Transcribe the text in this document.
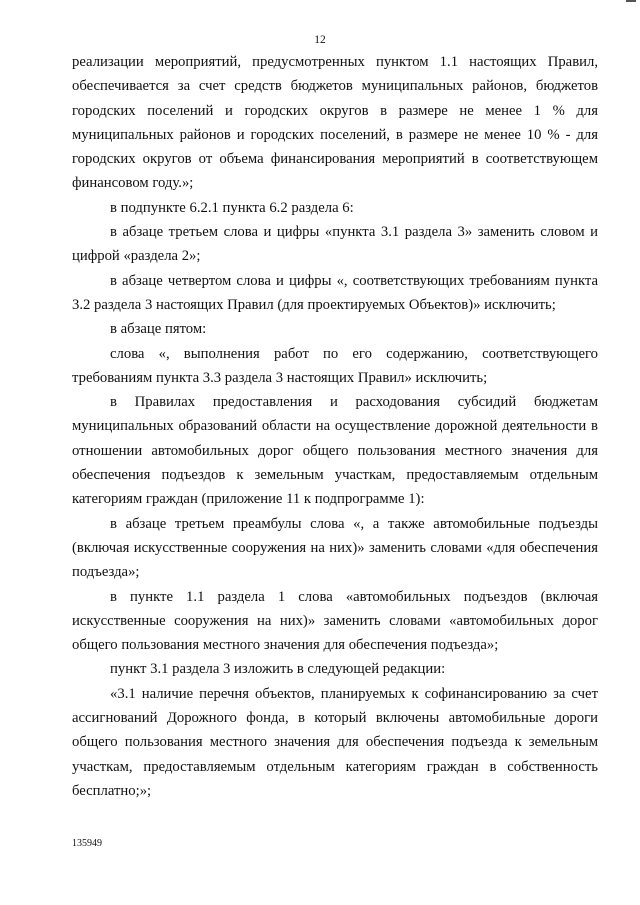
12

реализации мероприятий, предусмотренных пунктом 1.1 настоящих Правил, обеспечивается за счет средств бюджетов муниципальных районов, бюджетов городских поселений и городских округов в размере не менее 1 % для муниципальных районов и городских поселений, в размере не менее 10 % - для городских округов от объема финансирования мероприятий в соответствующем финансовом году.»;

в подпункте 6.2.1 пункта 6.2 раздела 6:

в абзаце третьем слова и цифры «пункта 3.1 раздела 3» заменить словом и цифрой «раздела 2»;

в абзаце четвертом слова и цифры «, соответствующих требованиям пункта 3.2 раздела 3 настоящих Правил (для проектируемых Объектов)» исключить;

в абзаце пятом:

слова «, выполнения работ по его содержанию, соответствующего требованиям пункта 3.3 раздела 3 настоящих Правил» исключить;

в Правилах предоставления и расходования субсидий бюджетам муниципальных образований области на осуществление дорожной деятельности в отношении автомобильных дорог общего пользования местного значения для обеспечения подъездов к земельным участкам, предоставляемым отдельным категориям граждан (приложение 11 к подпрограмме 1):

в абзаце третьем преамбулы слова «, а также автомобильные подъезды (включая искусственные сооружения на них)» заменить словами «для обеспечения подъезда»;

в пункте 1.1 раздела 1 слова «автомобильных подъездов (включая искусственные сооружения на них)» заменить словами «автомобильных дорог общего пользования местного значения для обеспечения подъезда»;

пункт 3.1 раздела 3 изложить в следующей редакции:

«3.1 наличие перечня объектов, планируемых к софинансированию за счет ассигнований Дорожного фонда, в который включены автомобильные дороги общего пользования местного значения для обеспечения подъезда к земельным участкам, предоставляемым отдельным категориям граждан в собственность бесплатно;»;

135949
